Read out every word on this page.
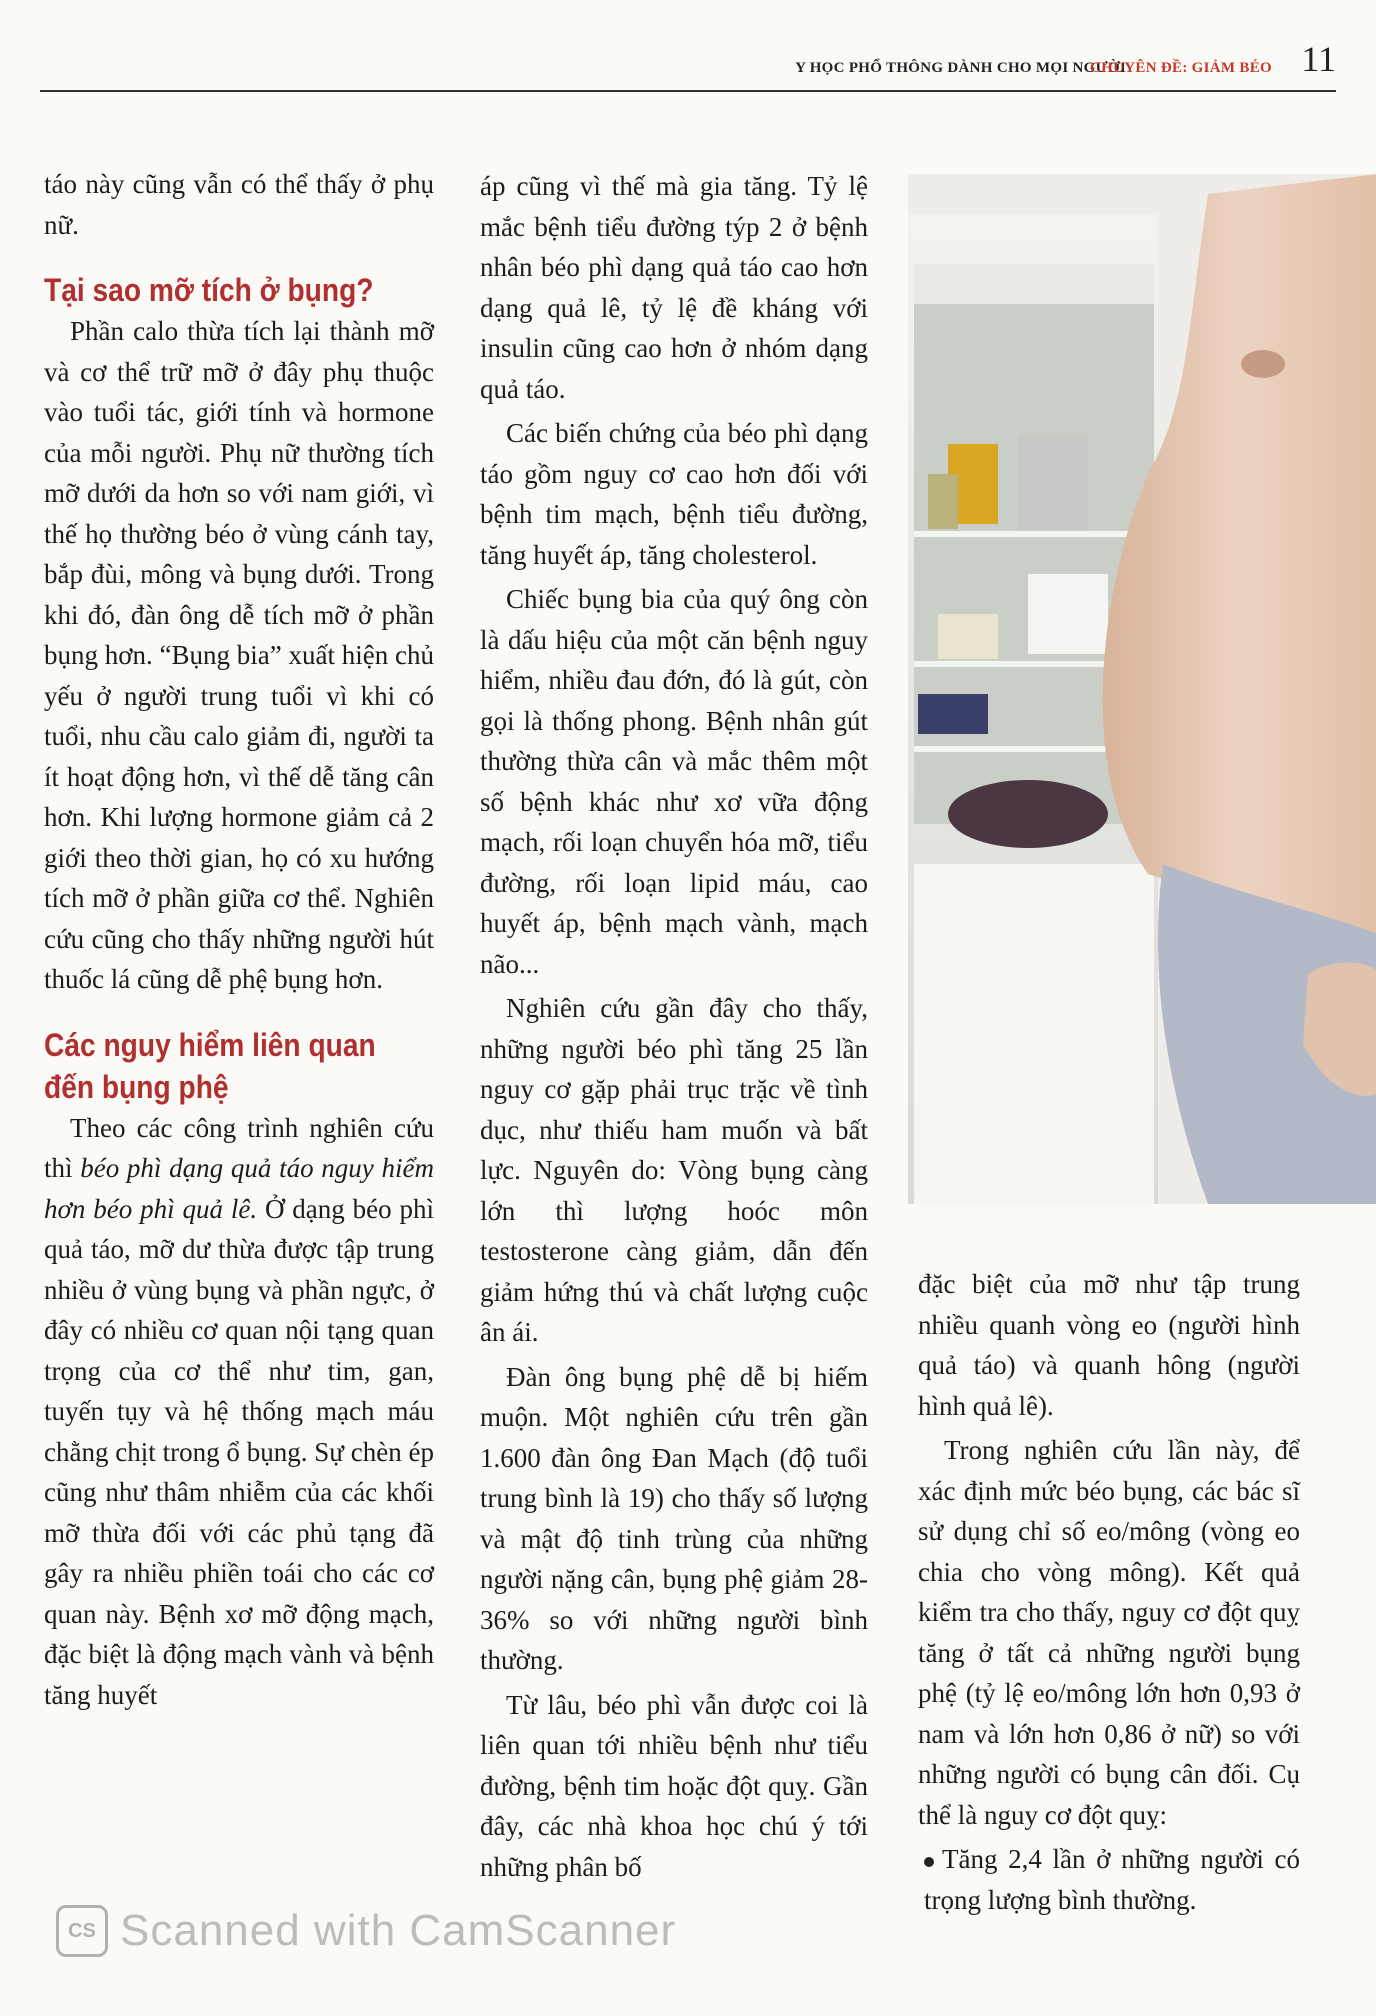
Y HỌC PHỔ THÔNG DÀNH CHO MỌI NGƯỜI
CHUYÊN ĐỀ: GIẢM BÉO 11

táo này cũng vẫn có thể thấy ở phụ nữ.

Tại sao mỡ tích ở bụng?

Phần calo thừa tích lại thành mỡ và cơ thể trữ mỡ ở đây phụ thuộc vào tuổi tác, giới tính và hormone của mỗi người. Phụ nữ thường tích mỡ dưới da hơn so với nam giới, vì thế họ thường béo ở vùng cánh tay, bắp đùi, mông và bụng dưới. Trong khi đó, đàn ông dễ tích mỡ ở phần bụng hơn. “Bụng bia” xuất hiện chủ yếu ở người trung tuổi vì khi có tuổi, nhu cầu calo giảm đi, người ta ít hoạt động hơn, vì thế dễ tăng cân hơn. Khi lượng hormone giảm cả 2 giới theo thời gian, họ có xu hướng tích mỡ ở phần giữa cơ thể. Nghiên cứu cũng cho thấy những người hút thuốc lá cũng dễ phệ bụng hơn.

Các nguy hiểm liên quan đến bụng phệ

Theo các công trình nghiên cứu thì béo phì dạng quả táo nguy hiểm hơn béo phì quả lê. Ở dạng béo phì quả táo, mỡ dư thừa được tập trung nhiều ở vùng bụng và phần ngực, ở đây có nhiều cơ quan nội tạng quan trọng của cơ thể như tim, gan, tuyến tụy và hệ thống mạch máu chằng chịt trong ổ bụng. Sự chèn ép cũng như thâm nhiễm của các khối mỡ thừa đối với các phủ tạng đã gây ra nhiều phiền toái cho các cơ quan này. Bệnh xơ mỡ động mạch, đặc biệt là động mạch vành và bệnh tăng huyết

áp cũng vì thế mà gia tăng. Tỷ lệ mắc bệnh tiểu đường týp 2 ở bệnh nhân béo phì dạng quả táo cao hơn dạng quả lê, tỷ lệ đề kháng với insulin cũng cao hơn ở nhóm dạng quả táo.

Các biến chứng của béo phì dạng táo gồm nguy cơ cao hơn đối với bệnh tim mạch, bệnh tiểu đường, tăng huyết áp, tăng cholesterol.

Chiếc bụng bia của quý ông còn là dấu hiệu của một căn bệnh nguy hiểm, nhiều đau đớn, đó là gút, còn gọi là thống phong. Bệnh nhân gút thường thừa cân và mắc thêm một số bệnh khác như xơ vữa động mạch, rối loạn chuyển hóa mỡ, tiểu đường, rối loạn lipid máu, cao huyết áp, bệnh mạch vành, mạch não...

Nghiên cứu gần đây cho thấy, những người béo phì tăng 25 lần nguy cơ gặp phải trục trặc về tình dục, như thiếu ham muốn và bất lực. Nguyên do: Vòng bụng càng lớn thì lượng hoóc môn testosterone càng giảm, dẫn đến giảm hứng thú và chất lượng cuộc ân ái.

Đàn ông bụng phệ dễ bị hiếm muộn. Một nghiên cứu trên gần 1.600 đàn ông Đan Mạch (độ tuổi trung bình là 19) cho thấy số lượng và mật độ tinh trùng của những người nặng cân, bụng phệ giảm 28- 36% so với những người bình thường.

Từ lâu, béo phì vẫn được coi là liên quan tới nhiều bệnh như tiểu đường, bệnh tim hoặc đột quỵ. Gần đây, các nhà khoa học chú ý tới những phân bố

đặc biệt của mỡ như tập trung nhiều quanh vòng eo (người hình quả táo) và quanh hông (người hình quả lê).

Trong nghiên cứu lần này, để xác định mức béo bụng, các bác sĩ sử dụng chỉ số eo/mông (vòng eo chia cho vòng mông). Kết quả kiểm tra cho thấy, nguy cơ đột quỵ tăng ở tất cả những người bụng phệ (tỷ lệ eo/mông lớn hơn 0,93 ở nam và lớn hơn 0,86 ở nữ) so với những người có bụng cân đối. Cụ thể là nguy cơ đột quỵ:

Tăng 2,4 lần ở những người có trọng lượng bình thường.

CS Scanned with CamScanner
